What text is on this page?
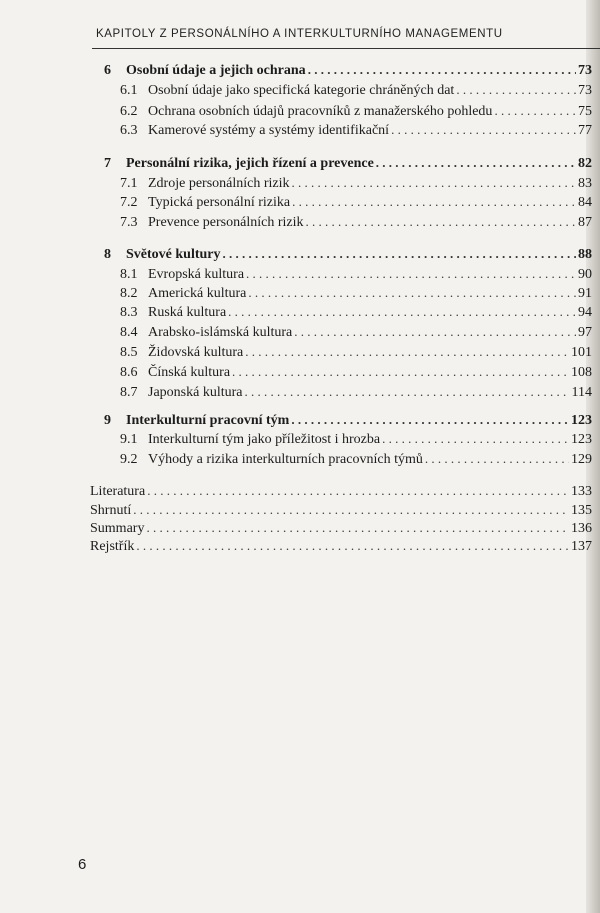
KAPITOLY Z PERSONÁLNÍHO A INTERKULTURNÍHO MANAGEMENTU
6	Osobní údaje a jejich ochrana . . .	73
6.1 Osobní údaje jako specifická kategorie chráněných dat . . .	73
6.2 Ochrana osobních údajů pracovníků z manažerského pohledu . . .	75
6.3 Kamerové systémy a systémy identifikační . . .	77
7	Personální rizika, jejich řízení a prevence . . .	82
7.1 Zdroje personálních rizik . . .	83
7.2 Typická personální rizika . . .	84
7.3 Prevence personálních rizik . . .	87
8	Světové kultury . . .	88
8.1 Evropská kultura . . .	90
8.2 Americká kultura . . .	91
8.3 Ruská kultura . . .	94
8.4 Arabsko-islámská kultura . . .	97
8.5 Židovská kultura . . .	101
8.6 Čínská kultura . . .	108
8.7 Japonská kultura . . .	114
9	Interkulturní pracovní tým . . .	123
9.1 Interkulturní tým jako příležitost i hrozba . . .	123
9.2 Výhody a rizika interkulturních pracovních týmů . . .	129
Literatura . . .	133
Shrnutí . . .	135
Summary . . .	136
Rejstřík . . .	137
6
